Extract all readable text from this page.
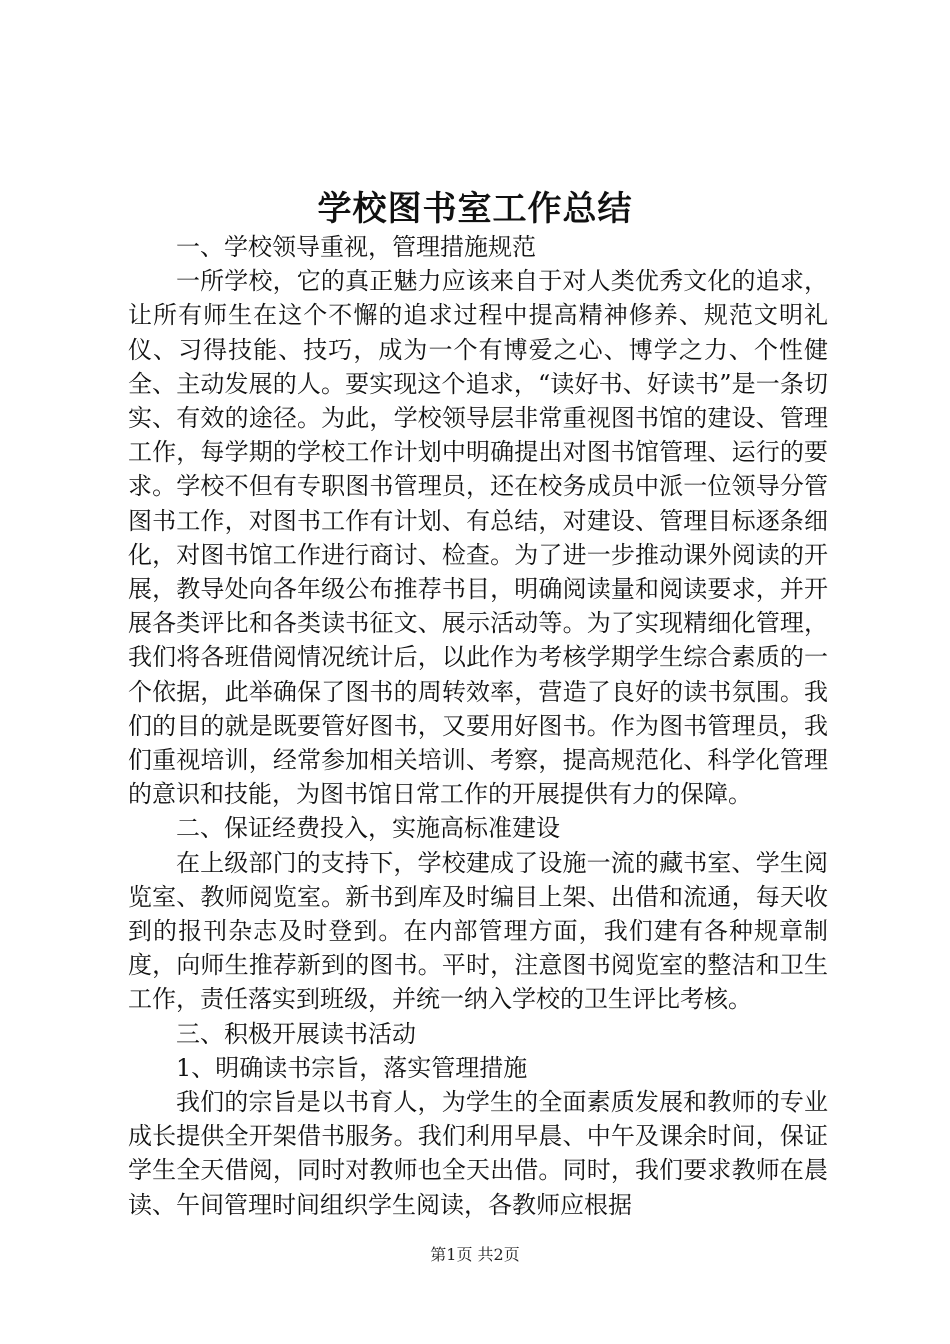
学校图书室工作总结

一、学校领导重视，管理措施规范

一所学校，它的真正魅力应该来自于对人类优秀文化的追求，让所有师生在这个不懈的追求过程中提高精神修养、规范文明礼仪、习得技能、技巧，成为一个有博爱之心、博学之力、个性健全、主动发展的人。要实现这个追求，“读好书、好读书”是一条切实、有效的途径。为此，学校领导层非常重视图书馆的建设、管理工作，每学期的学校工作计划中明确提出对图书馆管理、运行的要求。学校不但有专职图书管理员，还在校务成员中派一位领导分管图书工作，对图书工作有计划、有总结，对建设、管理目标逐条细化，对图书馆工作进行商讨、检查。为了进一步推动课外阅读的开展，教导处向各年级公布推荐书目，明确阅读量和阅读要求，并开展各类评比和各类读书征文、展示活动等。为了实现精细化管理，我们将各班借阅情况统计后，以此作为考核学期学生综合素质的一个依据，此举确保了图书的周转效率，营造了良好的读书氛围。我们的目的就是既要管好图书，又要用好图书。作为图书管理员，我们重视培训，经常参加相关培训、考察，提高规范化、科学化管理的意识和技能，为图书馆日常工作的开展提供有力的保障。

二、保证经费投入，实施高标准建设

在上级部门的支持下，学校建成了设施一流的藏书室、学生阅览室、教师阅览室。新书到库及时编目上架、出借和流通，每天收到的报刊杂志及时登到。在内部管理方面，我们建有各种规章制度，向师生推荐新到的图书。平时，注意图书阅览室的整洁和卫生工作，责任落实到班级，并统一纳入学校的卫生评比考核。

三、积极开展读书活动

1、明确读书宗旨，落实管理措施

我们的宗旨是以书育人，为学生的全面素质发展和教师的专业成长提供全开架借书服务。我们利用早晨、中午及课余时间，保证学生全天借阅，同时对教师也全天出借。同时，我们要求教师在晨读、午间管理时间组织学生阅读，各教师应根据

第1页 共2页
